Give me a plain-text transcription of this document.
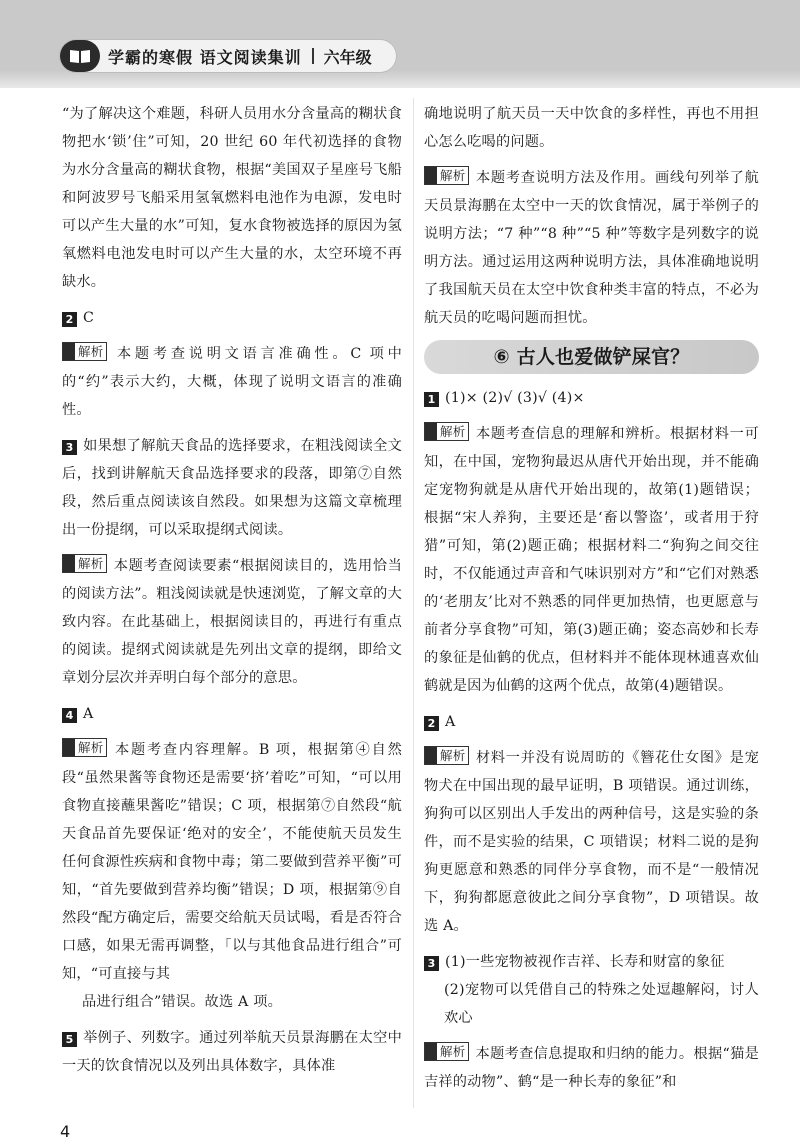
学霸的寒假 语文阅读集训 六年级

“为了解决这个难题，科研人员用水分含量高的糊状食物把水‘锁’住”可知，20 世纪 60 年代初选择的食物为水分含量高的糊状食物，根据“美国双子星座号飞船和阿波罗号飞船采用氢氧燃料电池作为电源，发电时可以产生大量的水”可知，复水食物被选择的原因为氢氧燃料电池发电时可以产生大量的水，太空环境不再缺水。

2 C

解析 本题考查说明文语言准确性。C 项中的“约”表示大约，大概，体现了说明文语言的准确性。

3 如果想了解航天食品的选择要求，在粗浅阅读全文后，找到讲解航天食品选择要求的段落，即第⑦自然段，然后重点阅读该自然段。如果想为这篇文章梳理出一份提纲，可以采取提纲式阅读。

解析 本题考查阅读要素“根据阅读目的，选用恰当的阅读方法”。粗浅阅读就是快速浏览，了解文章的大致内容。在此基础上，根据阅读目的，再进行有重点的阅读。提纲式阅读就是先列出文章的提纲，即给文章划分层次并弄明白每个部分的意思。

4 A

解析 本题考查内容理解。B 项，根据第④自然段“虽然果酱等食物还是需要‘挤’着吃”可知，“可以用食物直接蘸果酱吃”错误；C 项，根据第⑦自然段“航天食品首先要保证‘绝对的安全’，不能使航天员发生任何食源性疾病和食物中毒；第二要做到营养平衡”可知，“首先要做到营养均衡”错误；D 项，根据第⑨自然段“配方确定后，需要交给航天员试喝，看是否符合口感，如果无需再调整，「以与其他食品进行组合”可知，“可直接与其

品进行组合”错误。故选 A 项。

5 举例子、列数字。通过列举航天员景海鹏在太空中一天的饮食情况以及列出具体数字，具体准

确地说明了航天员一天中饮食的多样性，再也不用担心怎么吃喝的问题。

解析 本题考查说明方法及作用。画线句列举了航天员景海鹏在太空中一天的饮食情况，属于举例子的说明方法；“7 种”“8 种”“5 种”等数字是列数字的说明方法。通过运用这两种说明方法，具体准确地说明了我国航天员在太空中饮食种类丰富的特点，不必为航天员的吃喝问题而担忧。

⑥ 古人也爱做铲屎官？

1 (1)× (2)√ (3)√ (4)×

解析 本题考查信息的理解和辨析。根据材料一可知，在中国，宠物狗最迟从唐代开始出现，并不能确定宠物狗就是从唐代开始出现的，故第(1)题错误；根据“宋人养狗，主要还是‘畜以警盗’，或者用于狩猎”可知，第(2)题正确；根据材料二“狗狗之间交往时，不仅能通过声音和气味识别对方”和“它们对熟悉的‘老朋友’比对不熟悉的同伴更加热情，也更愿意与前者分享食物”可知，第(3)题正确；姿态高妙和长寿的象征是仙鹤的优点，但材料并不能体现林逋喜欢仙鹤就是因为仙鹤的这两个优点，故第(4)题错误。

2 A

解析 材料一并没有说周昉的《簪花仕女图》是宠物犬在中国出现的最早证明，B 项错误。通过训练，狗狗可以区别出人手发出的两种信号，这是实验的条件，而不是实验的结果，C 项错误；材料二说的是狗狗更愿意和熟悉的同伴分享食物，而不是“一般情况下，狗狗都愿意彼此之间分享食物”，D 项错误。故选 A。

3 (1)一些宠物被视作吉祥、长寿和财富的象征

(2)宠物可以凭借自己的特殊之处逗趣解闷，讨人欢心

解析 本题考查信息提取和归纳的能力。根据“猫是吉祥的动物”、鹤“是一种长寿的象征”和

4
